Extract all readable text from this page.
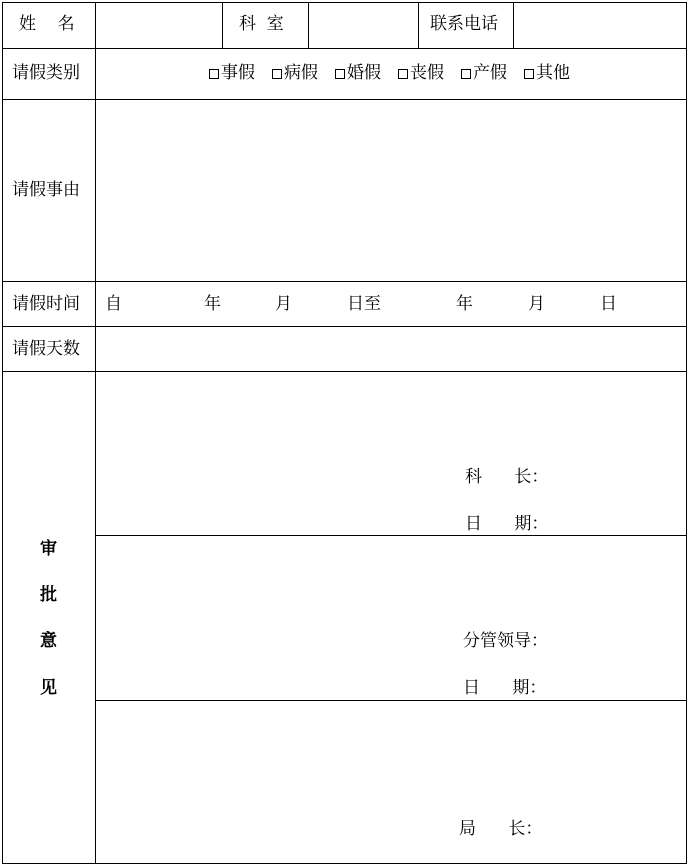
姓    名	科  室	联系电话
请假类别	事假 病假 婚假 丧假 产假 其他
请假事由
请假时间 自	年	月	日至	年	月	日
请假天数
审
批
意
见
科      长：
日      期：
分管领导：
日      期：
局      长：
